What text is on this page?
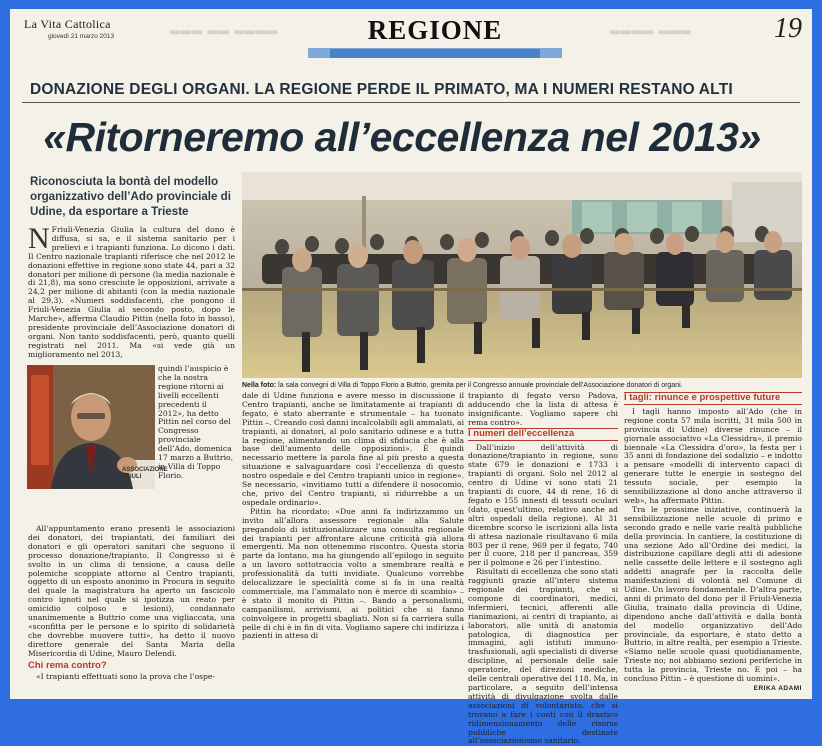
La Vita Cattolica
giovedì 21 marzo 2013
▂▂▂ ▂▂ ▂▂▂▂	▂▂▂▂ ▂▂▂
REGIONE	19
DONAZIONE DEGLI ORGANI. LA REGIONE PERDE IL PRIMATO, MA I NUMERI RESTANO ALTI
«Ritorneremo all’eccellenza nel 2013»
Riconosciuta la bontà del modello organizzativo dell’Ado provinciale di Udine, da esportare a Trieste
Nella foto: la sala convegni di Villa di Toppo Florio a Buttrio, gremita per il Congresso annuale provinciale dell’Associazione donatori di organi.
N Friuli-Venezia Giulia la cultura del dono è diffusa, si sa, e il sistema sanitario per i prelievi e i trapianti funziona. Lo dicono i dati. Il Centro nazionale trapianti riferisce che nel 2012 le donazioni effettive in regione sono state 44, pari a 32 donatori per milione di persone (la media nazionale è di 21,8), ma sono cresciute le opposizioni, arrivate a 24,2 per milione di abitanti (con la media nazionale al 29,3). «Numeri soddisfacenti, che pongono il Friuli-Venezia Giulia al secondo posto, dopo le Marche», afferma Claudio Pittin (nella foto in basso), presidente provinciale dell’Associazione donatori di organi. Non tanto soddisfacenti, però, quanto quelli registrati nel 2011. Ma «si vede già un miglioramento nel 2013,
ASSOCIAZIONE FRIULI
quindi l’auspicio è che la nostra regione ritorni ai livelli eccellenti precedenti il 2012», ha detto Pittin nel corso del Congresso provinciale dell’Ado, domenica 17 marzo a Buttrio, in Villa di Toppo Florio.

All’appuntamento erano presenti le associazioni dei donatori, dei trapiantati, dei familiari dei donatori e gli operatori sanitari che seguono il processo donazione/trapianto. Il Congresso si è svolto in un clima di tensione, a causa delle polemiche scoppiate attorno al Centro trapianti, oggetto di un esposto anonimo in Procura in seguito del quale la magistratura ha aperto un fascicolo contro ignoti nel quale si ipotizza un reato per omicidio colposo e lesioni), condannato unanimemente a Buttrio come una vigliaccata, una «sconfitta per le persone e lo spirito di solidarietà che dovrebbe muovere tutti», ha detto il nuovo direttore generale del Santa Maria della Misericordia di Udine, Mauro Delendi.

Chi rema contro?

«I trapianti effettuati sono la prova che l’ospe-

dale di Udine funziona e avere messo in discussione il Centro trapianti, anche se limitatamente ai trapianti di fegato, è stato aberrante e strumentale – ha tuonato Pittin –. Creando così danni incalcolabili agli ammalati, ai trapianti, ai donatori, al polo sanitario udinese e a tutta la regione, alimentando un clima di sfiducia che è alla base dell’aumento delle opposizioni». È quindi necessario mettere la parola fine al più presto a questa situazione e salvaguardare così l’eccellenza di questo nostro ospedale e del Centro trapianti unico in regione». Se necessario, «invitiamo tutti a difendere il nosocomio, che, privo del Centro trapianti, si ridurrebbe a un ospedale ordinario».

Pittin ha ricordato: «Due anni fa indirizzammo un invito all’allora assessore regionale alla Salute pregandolo di istituzionalizzare una consulta regionale dei trapianti per affrontare alcune criticità già allora emergenti. Ma non ottenemmo riscontro. Questa storia parte da lontano, ma ha giungendo all’epilogo in seguito a un lavoro sottotraccia volto a smembrare realtà e professionalità da tutti invidiate. Qualcuno vorrebbe delocalizzare le specialità come si fa in una realtà commerciale, ma l’ammalato non è merce di scambio» – è stato il monito di Pittin –. Bando a personalismi, campanilismi, arrivismi, ai politici che si fanno coinvolgere in progetti sbagliati. Non si fa carriera sulla pelle di chi è in fin di vita. Vogliamo sapere chi indirizza i pazienti in attesa di

trapianto di fegato verso Padova, adducendo che la lista di attesa è insignificante. Vogliamo sapere chi rema contro».

I numeri dell’eccellenza

Dall’inizio dell’attività di donazione/trapianto in regione, sono state 679 le donazioni e 1733 i trapianti di organi. Solo nel 2012 al centro di Udine vi sono stati 21 trapianti di cuore, 44 di rene, 16 di fegato e 155 innesti di tessuti oculari (dato, quest’ultimo, relativo anche ad altri ospedali della regione). Al 31 dicembre scorso le iscrizioni alla lista di attesa nazionale risultavano 6 mila 803 per il rene, 969 per il fegato, 740 per il cuore, 218 per il pancreas, 359 per il polmone e 26 per l’intestino.

Risultati di eccellenza che sono stati raggiunti grazie all’intero sistema regionale dei trapianti, che si compone di coordinatori, medici, infermieri, tecnici, afferenti alle rianimazioni, ai centri di trapianto, ai laboratori, alle unità di anatomia patologica, di diagnostica per immagini, agli istituti immuno-trasfusionali, agli specialisti di diverse discipline, al personale delle sale operatorie, del direzioni mediche, delle centrali operative del 118. Ma, in particolare, a seguito dell’intensa attività di divulgazione svolta dalle associazioni di volontariato, che si trovano a fare i conti con il drastico ridimensionamento delle risorse pubbliche destinate all’associazionismo sanitario.

I tagli: rinunce e prospettive future

I tagli hanno imposto all’Ado (che in regione conta 57 mila iscritti, 31 mila 500 in provincia di Udine) diverse rinunce – il giornale associativo «La Clessidra», il premio biennale «La Clessidra d’oro», la festa per i 35 anni di fondazione del sodalizio – e indotto a pensare «modelli di intervento capaci di generare tutte le energie in sostegno del tessuto sociale, per esempio la sensibilizzazione al dono anche attraverso il web», ha affermato Pittin.

Tra le prossime iniziative, continuerà la sensibilizzazione nelle scuole di primo e secondo grado e nelle varie realtà pubbliche della provincia. In cantiere, la costituzione di una sezione Ado all’Ordine dei medici, la distribuzione capillare degli atti di adesione nelle cassette delle lettere e il sostegno agli addetti anagrafe per la raccolta delle manifestazioni di volontà nel Comune di Udine. Un lavoro fondamentale. D’altra parte, anni di primato del dono per il Friuli-Venezia Giulia, trainato dalla provincia di Udine, dipendono anche dall’attività e dalla bontà del modello organizzativo dell’Ado provinciale, da esportare, è stato detto a Buttrio, in altre realtà, per esempio a Trieste. «Siamo nelle scuole quasi quotidianamente, Trieste no; noi abbiamo sezioni periferiche in tutta la provincia, Trieste no. E poi – ha concluso Pittin – è questione di uomini».

ERIKA ADAMI
